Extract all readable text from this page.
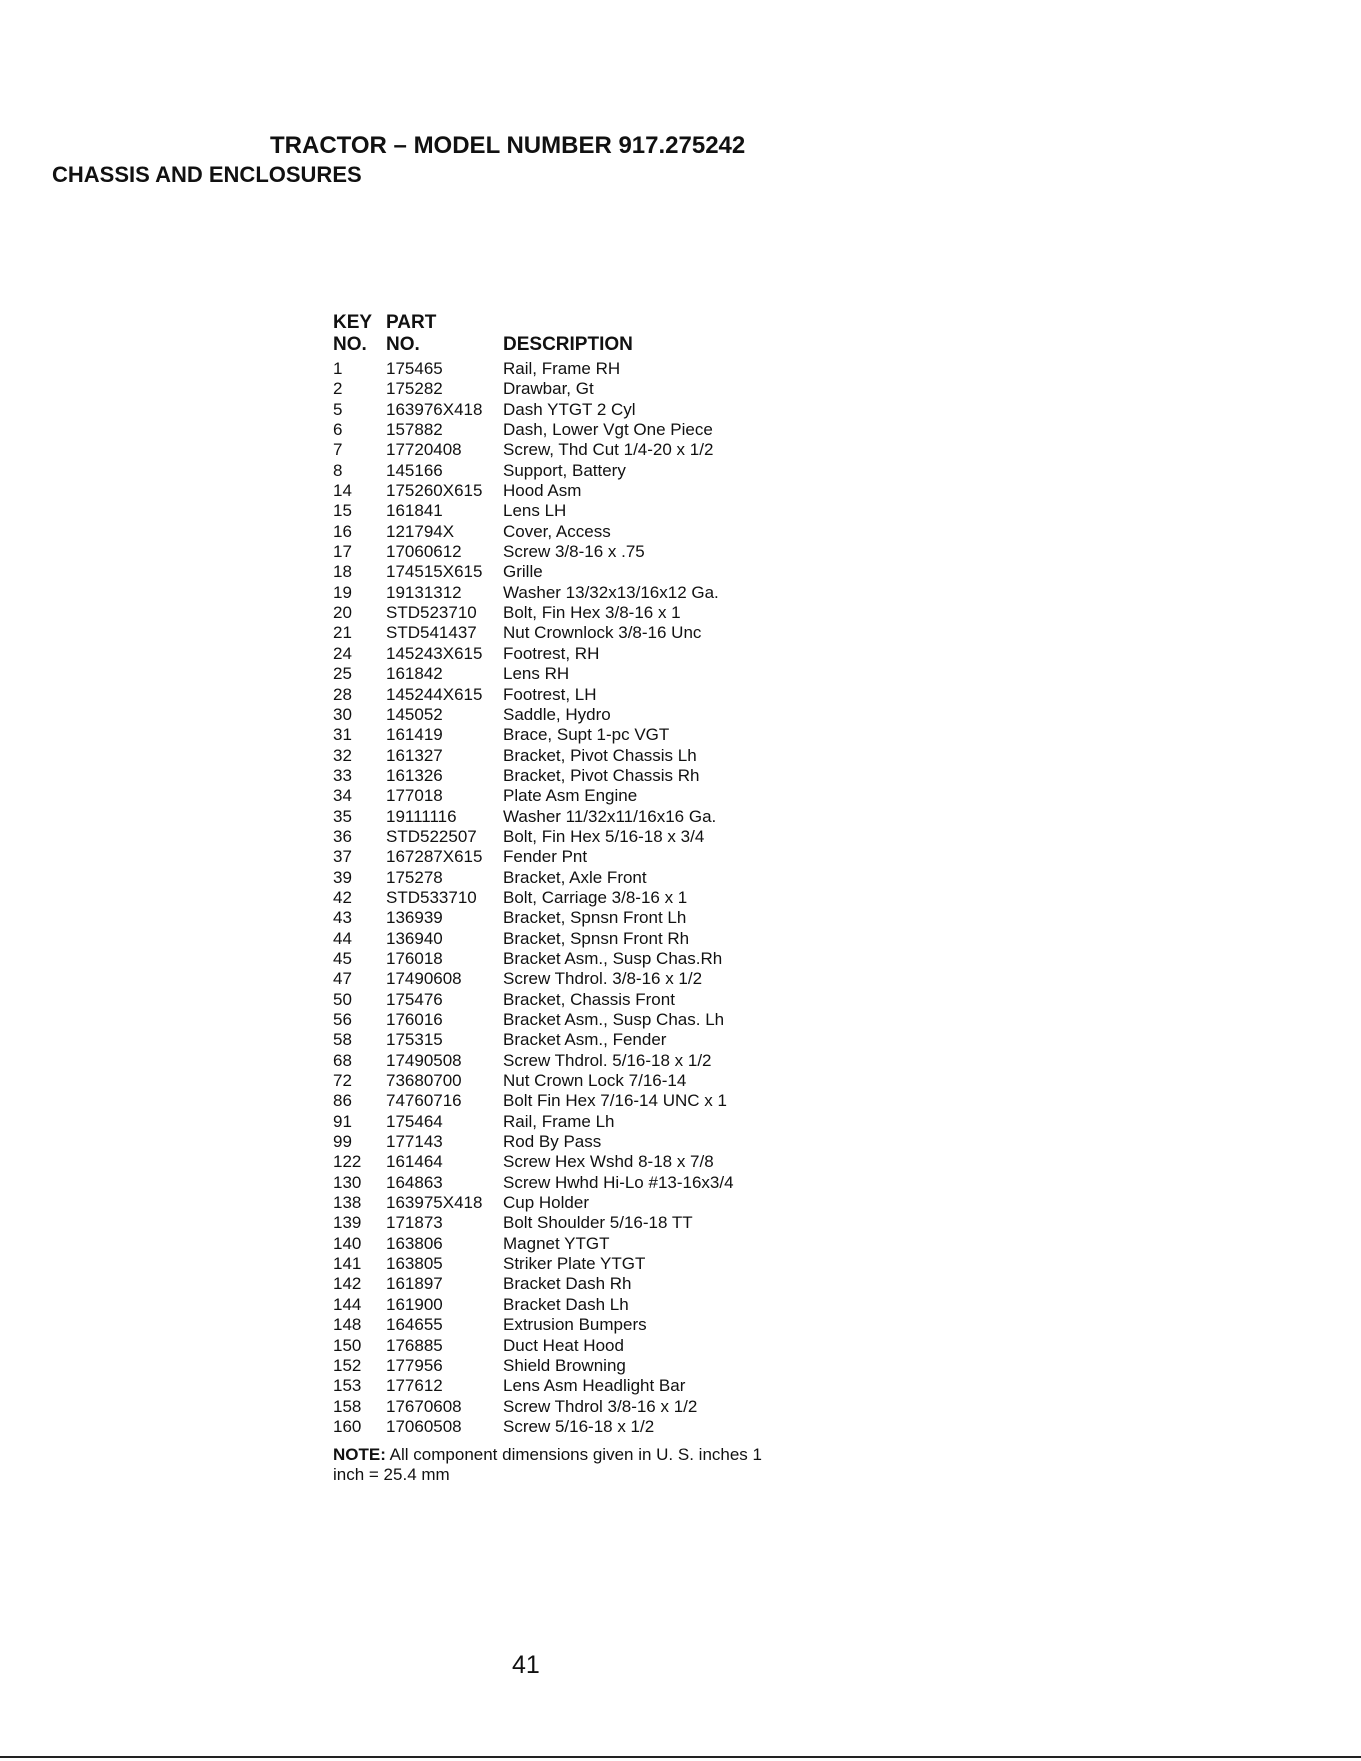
TRACTOR – MODEL NUMBER 917.275242
CHASSIS AND ENCLOSURES
KEY PART
NO. NO.	DESCRIPTION
1	175465	Rail, Frame RH
2	175282	Drawbar, Gt
5	163976X418 Dash YTGT 2 Cyl
6	157882	Dash, Lower Vgt One Piece
7	17720408 Screw, Thd Cut 1/4-20 x 1/2
8	145166	Support, Battery
14 175260X615 Hood Asm
15 161841	Lens LH
16 121794X	Cover, Access
17 17060612 Screw 3/8-16 x .75
18 174515X615 Grille
19 19131312 Washer 13/32x13/16x12 Ga.
20 STD523710 Bolt, Fin Hex 3/8-16 x 1
21 STD541437 Nut Crownlock 3/8-16 Unc
24 145243X615 Footrest, RH
25 161842	Lens RH
28 145244X615 Footrest, LH
30 145052	Saddle, Hydro
31 161419	Brace, Supt 1-pc VGT
32 161327	Bracket, Pivot Chassis Lh
33 161326	Bracket, Pivot Chassis Rh
34 177018	Plate Asm Engine
35 19111116	Washer 11/32x11/16x16 Ga.
36 STD522507 Bolt, Fin Hex 5/16-18 x 3/4
37 167287X615 Fender Pnt
39 175278	Bracket, Axle Front
42 STD533710 Bolt, Carriage 3/8-16 x 1
43 136939	Bracket, Spnsn Front Lh
44 136940	Bracket, Spnsn Front Rh
45 176018	Bracket Asm., Susp Chas.Rh
47 17490608 Screw Thdrol. 3/8-16 x 1/2
50 175476	Bracket, Chassis Front
56 176016	Bracket Asm., Susp Chas. Lh
58 175315	Bracket Asm., Fender
68 17490508 Screw Thdrol. 5/16-18 x 1/2
72 73680700 Nut Crown Lock 7/16-14
86 74760716 Bolt Fin Hex 7/16-14 UNC x 1
91 175464	Rail, Frame Lh
99 177143	Rod By Pass
122 161464	Screw Hex Wshd 8-18 x 7/8
130 164863	Screw Hwhd Hi-Lo #13-16x3/4
138 163975X418 Cup Holder
139 171873	Bolt Shoulder 5/16-18 TT
140 163806	Magnet YTGT
141 163805	Striker Plate YTGT
142 161897	Bracket Dash Rh
144 161900	Bracket Dash Lh
148 164655	Extrusion Bumpers
150 176885	Duct Heat Hood
152 177956	Shield Browning
153 177612	Lens Asm Headlight Bar
158 17670608 Screw Thdrol 3/8-16 x 1/2
160 17060508 Screw 5/16-18 x 1/2
NOTE: All component dimensions given in U. S. inches 1 inch = 25.4 mm
41
